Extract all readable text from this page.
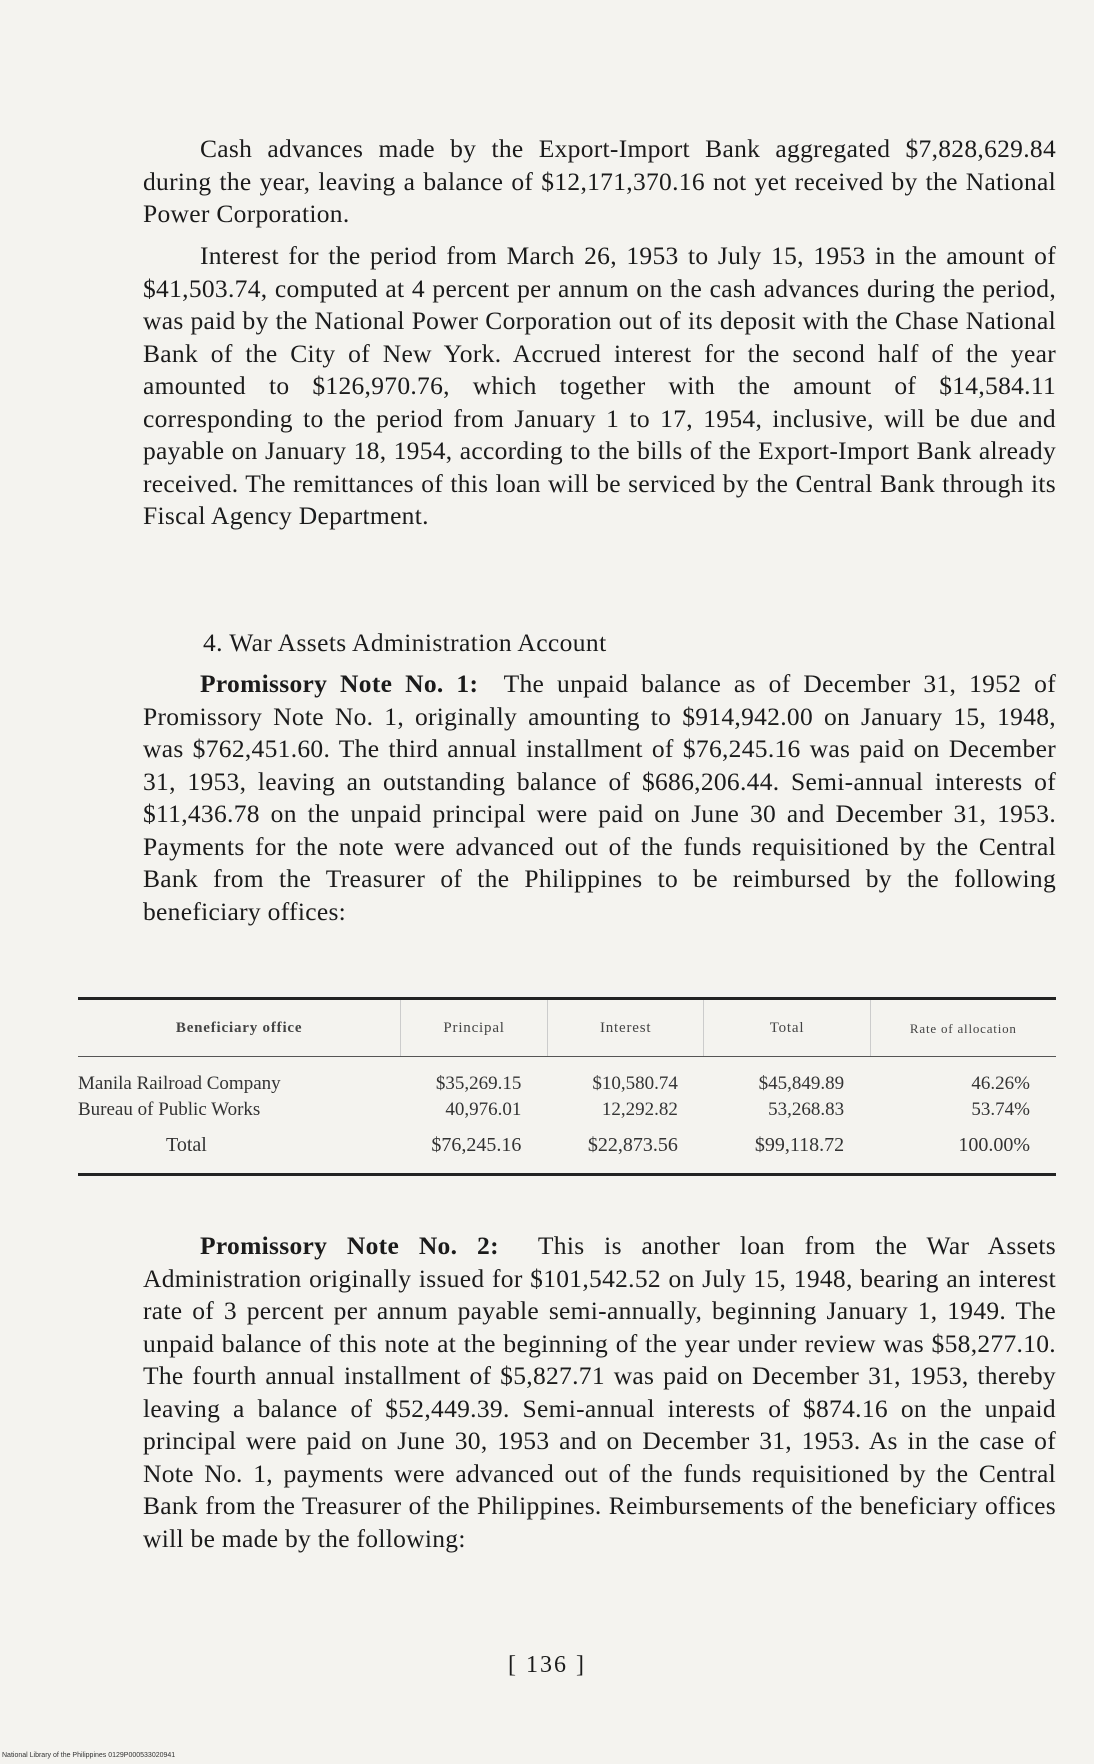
Cash advances made by the Export-Import Bank aggregated $7,828,629.84 during the year, leaving a balance of $12,171,370.16 not yet received by the National Power Corporation.

Interest for the period from March 26, 1953 to July 15, 1953 in the amount of $41,503.74, computed at 4 percent per annum on the cash advances during the period, was paid by the National Power Corporation out of its deposit with the Chase National Bank of the City of New York. Accrued interest for the second half of the year amounted to $126,970.76, which together with the amount of $14,584.11 corresponding to the period from January 1 to 17, 1954, inclusive, will be due and payable on January 18, 1954, according to the bills of the Export-Import Bank already received. The remittances of this loan will be serviced by the Central Bank through its Fiscal Agency Department.

4. War Assets Administration Account

Promissory Note No. 1: The unpaid balance as of December 31, 1952 of Promissory Note No. 1, originally amounting to $914,942.00 on January 15, 1948, was $762,451.60. The third annual installment of $76,245.16 was paid on December 31, 1953, leaving an outstanding balance of $686,206.44. Semi-annual interests of $11,436.78 on the unpaid principal were paid on June 30 and December 31, 1953. Payments for the note were advanced out of the funds requisitioned by the Central Bank from the Treasurer of the Philippines to be reimbursed by the following beneficiary offices:

Beneficiary office	Principal	Interest	Total	Rate of allocation

Manila Railroad Company	$35,269.15	$10,580.74	$45,849.89	46.26%
Bureau of Public Works	40,976.01	12,292.82	53,268.83	53.74%
Total	$76,245.16	$22,873.56	$99,118.72	100.00%

Promissory Note No. 2: This is another loan from the War Assets Administration originally issued for $101,542.52 on July 15, 1948, bearing an interest rate of 3 percent per annum payable semi-annually, beginning January 1, 1949. The unpaid balance of this note at the beginning of the year under review was $58,277.10. The fourth annual installment of $5,827.71 was paid on December 31, 1953, thereby leaving a balance of $52,449.39. Semi-annual interests of $874.16 on the unpaid principal were paid on June 30, 1953 and on December 31, 1953. As in the case of Note No. 1, payments were advanced out of the funds requisitioned by the Central Bank from the Treasurer of the Philippines. Reimbursements of the beneficiary offices will be made by the following:

[ 136 ]
National Library of the Philippines 0129P000533020941
